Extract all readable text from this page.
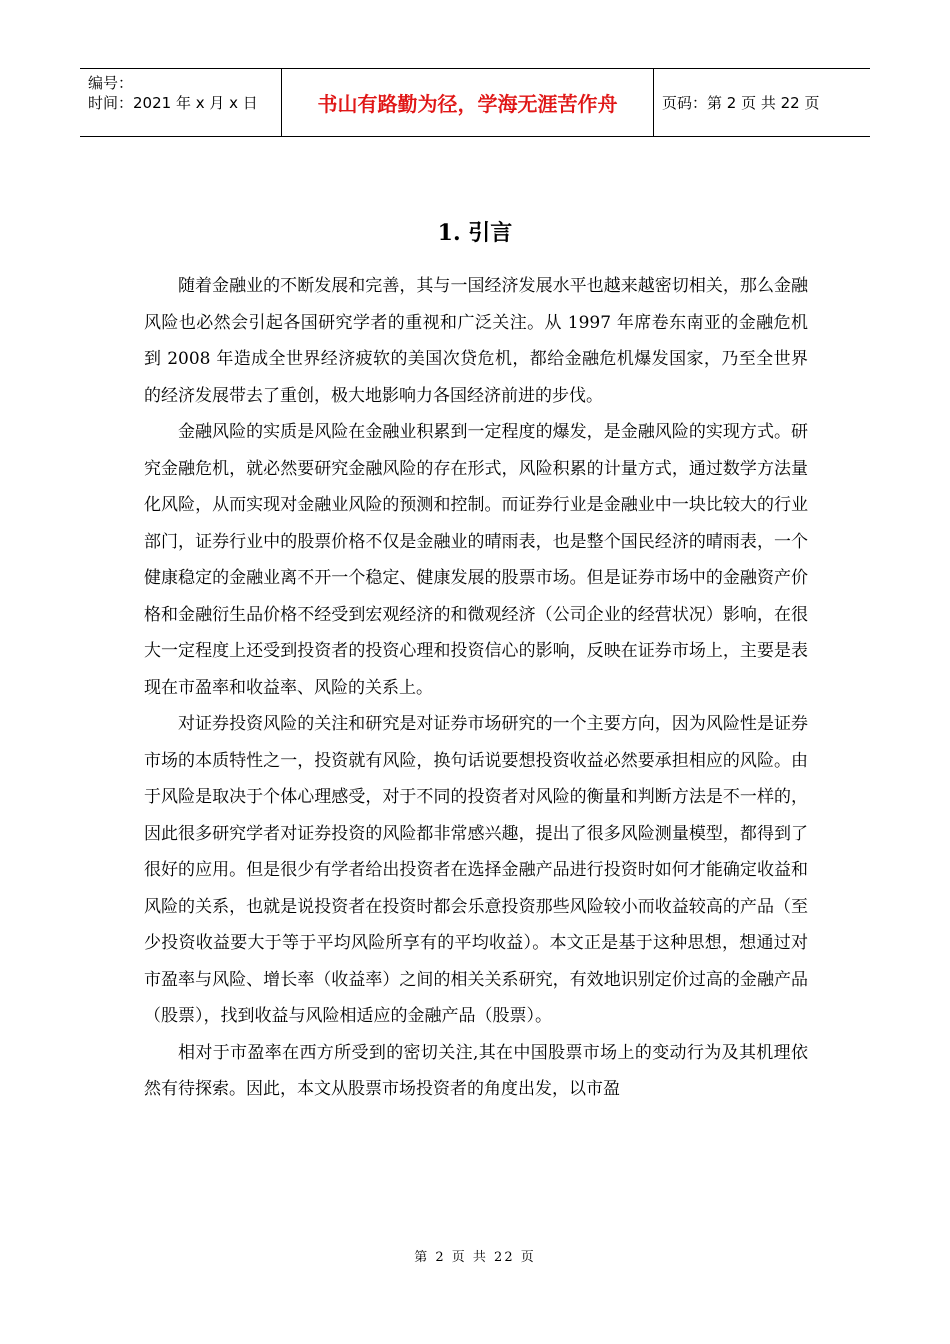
编号：
时间：2021 年 x 月 x 日	书山有路勤为径，学海无涯苦作舟	页码：第 2 页 共 22 页
1. 引言

随着金融业的不断发展和完善，其与一国经济发展水平也越来越密切相关，那么金融风险也必然会引起各国研究学者的重视和广泛关注。从 1997 年席卷东南亚的金融危机到 2008 年造成全世界经济疲软的美国次贷危机，都给金融危机爆发国家，乃至全世界的经济发展带去了重创，极大地影响力各国经济前进的步伐。

金融风险的实质是风险在金融业积累到一定程度的爆发，是金融风险的实现方式。研究金融危机，就必然要研究金融风险的存在形式，风险积累的计量方式，通过数学方法量化风险，从而实现对金融业风险的预测和控制。而证券行业是金融业中一块比较大的行业部门，证券行业中的股票价格不仅是金融业的晴雨表，也是整个国民经济的晴雨表，一个健康稳定的金融业离不开一个稳定、健康发展的股票市场。但是证券市场中的金融资产价格和金融衍生品价格不经受到宏观经济的和微观经济（公司企业的经营状况）影响，在很大一定程度上还受到投资者的投资心理和投资信心的影响，反映在证券市场上，主要是表现在市盈率和收益率、风险的关系上。

对证券投资风险的关注和研究是对证券市场研究的一个主要方向，因为风险性是证券市场的本质特性之一，投资就有风险，换句话说要想投资收益必然要承担相应的风险。由于风险是取决于个体心理感受，对于不同的投资者对风险的衡量和判断方法是不一样的，因此很多研究学者对证券投资的风险都非常感兴趣，提出了很多风险测量模型，都得到了很好的应用。但是很少有学者给出投资者在选择金融产品进行投资时如何才能确定收益和风险的关系，也就是说投资者在投资时都会乐意投资那些风险较小而收益较高的产品（至少投资收益要大于等于平均风险所享有的平均收益）。本文正是基于这种思想，想通过对市盈率与风险、增长率（收益率）之间的相关关系研究，有效地识别定价过高的金融产品（股票），找到收益与风险相适应的金融产品（股票）。

相对于市盈率在西方所受到的密切关注,其在中国股票市场上的变动行为及其机理依然有待探索。因此，本文从股票市场投资者的角度出发，以市盈

第 2 页 共 22 页
